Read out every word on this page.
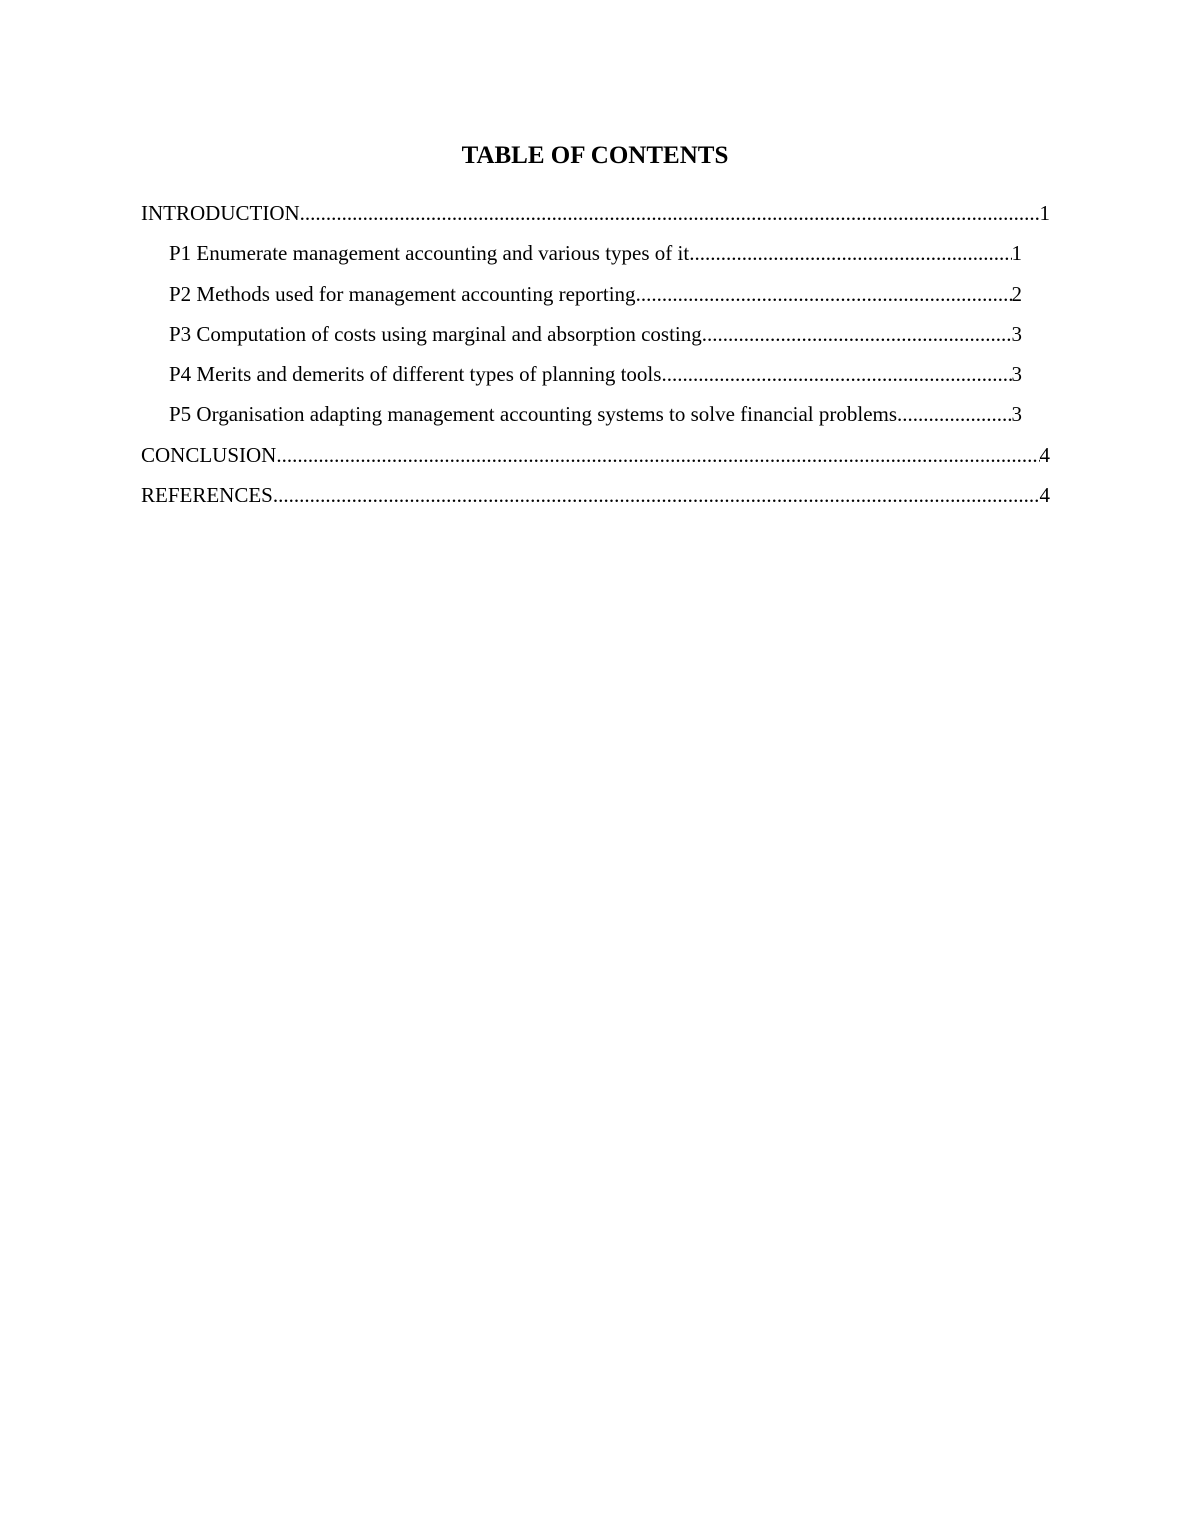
TABLE OF CONTENTS
INTRODUCTION .....	1
P1 Enumerate management accounting and various types of it .....	1
P2 Methods used for management accounting reporting .....	2
P3 Computation of costs using marginal and absorption costing .....	3
P4 Merits and demerits of different types of planning tools .....	3
P5 Organisation adapting management accounting systems to solve financial problems .....	3
CONCLUSION .....	4
REFERENCES .....	4
